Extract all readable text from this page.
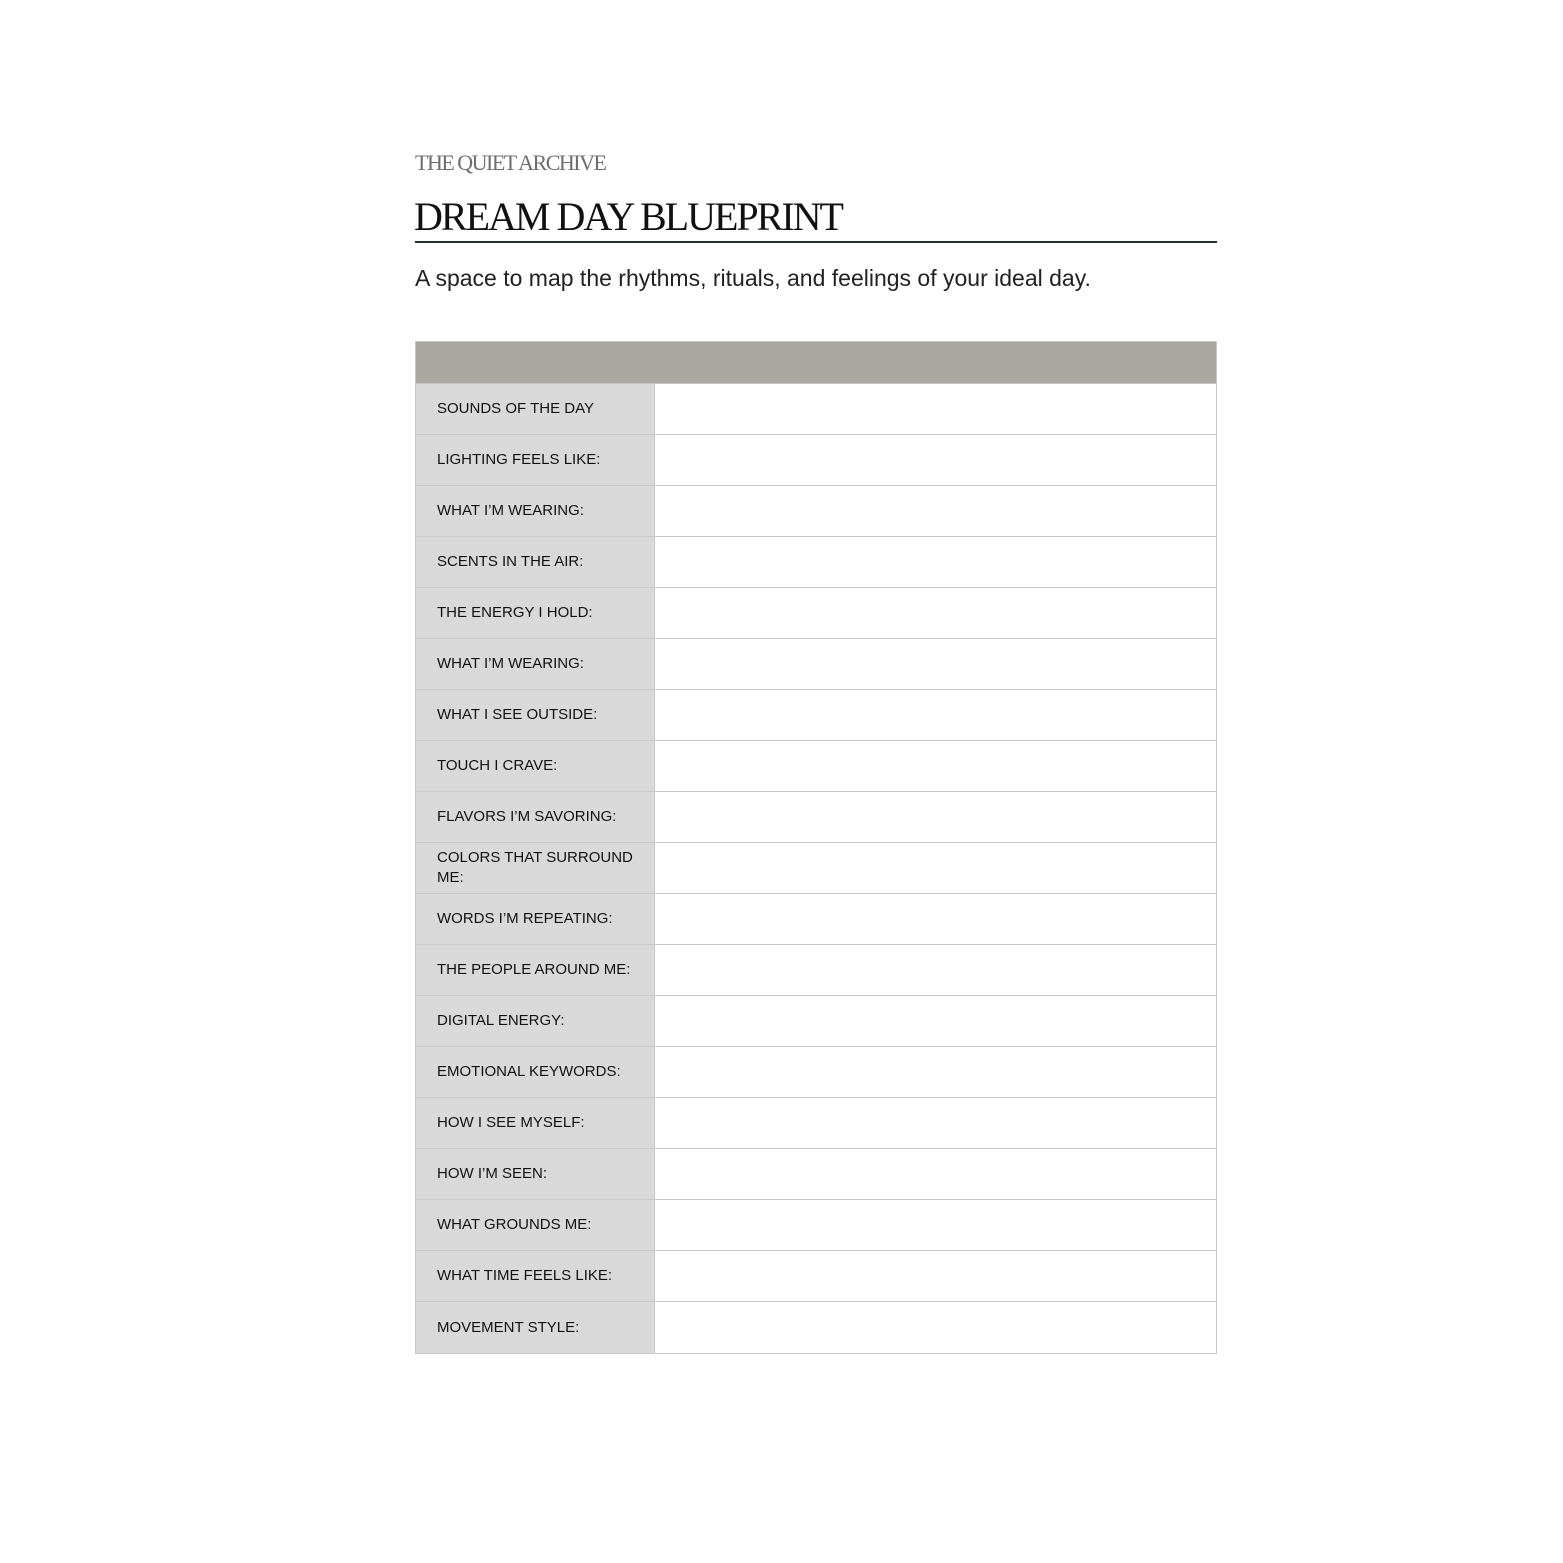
THE QUIET ARCHIVE
DREAM DAY BLUEPRINT
A space to map the rhythms, rituals, and feelings of your ideal day.
SOUNDS OF THE DAY
LIGHTING FEELS LIKE:
WHAT I’M WEARING:
SCENTS IN THE AIR:
THE ENERGY I HOLD:
WHAT I’M WEARING:
WHAT I SEE OUTSIDE:
TOUCH I CRAVE:
FLAVORS I’M SAVORING:
COLORS THAT SURROUND ME:
WORDS I’M REPEATING:
THE PEOPLE AROUND ME:
DIGITAL ENERGY:
EMOTIONAL KEYWORDS:
HOW I SEE MYSELF:
HOW I’M SEEN:
WHAT GROUNDS ME:
WHAT TIME FEELS LIKE:
MOVEMENT STYLE:
